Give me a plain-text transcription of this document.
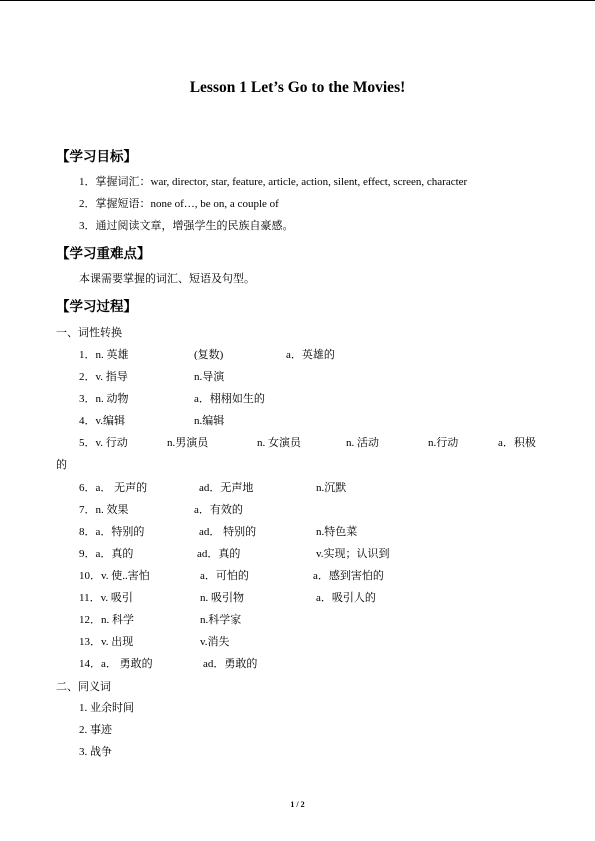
Lesson 1 Let’s Go to the Movies!
【学习目标】
1．掌握词汇：war, director, star, feature, article, action, silent, effect, screen, character
2．掌握短语：none of…, be on, a couple of
3．通过阅读文章，增强学生的民族自豪感。
【学习重难点】
本课需要掌握的词汇、短语及句型。
【学习过程】
一、词性转换
1．n. 英雄	(复数)	a．英雄的
2．v. 指导	n.导演
3．n. 动物	a．栩栩如生的
4．v.编辑	n.编辑
5．v. 行动	n.男演员	n. 女演员	n. 活动	n.行动	a．积极
的
6．a． 无声的	ad．无声地	n.沉默
7．n. 效果	a．有效的
8．a．特别的	ad． 特别的	n.特色菜
9．a．真的	ad．真的	v.实现；认识到
10．v. 使..害怕	a．可怕的	a．感到害怕的
11．v. 吸引	n. 吸引物	a．吸引人的
12．n. 科学	n.科学家
13．v. 出现	v.消失
14．a． 勇敢的	ad．勇敢的
二、同义词
1. 业余时间
2. 事迹
3. 战争
1 / 2
